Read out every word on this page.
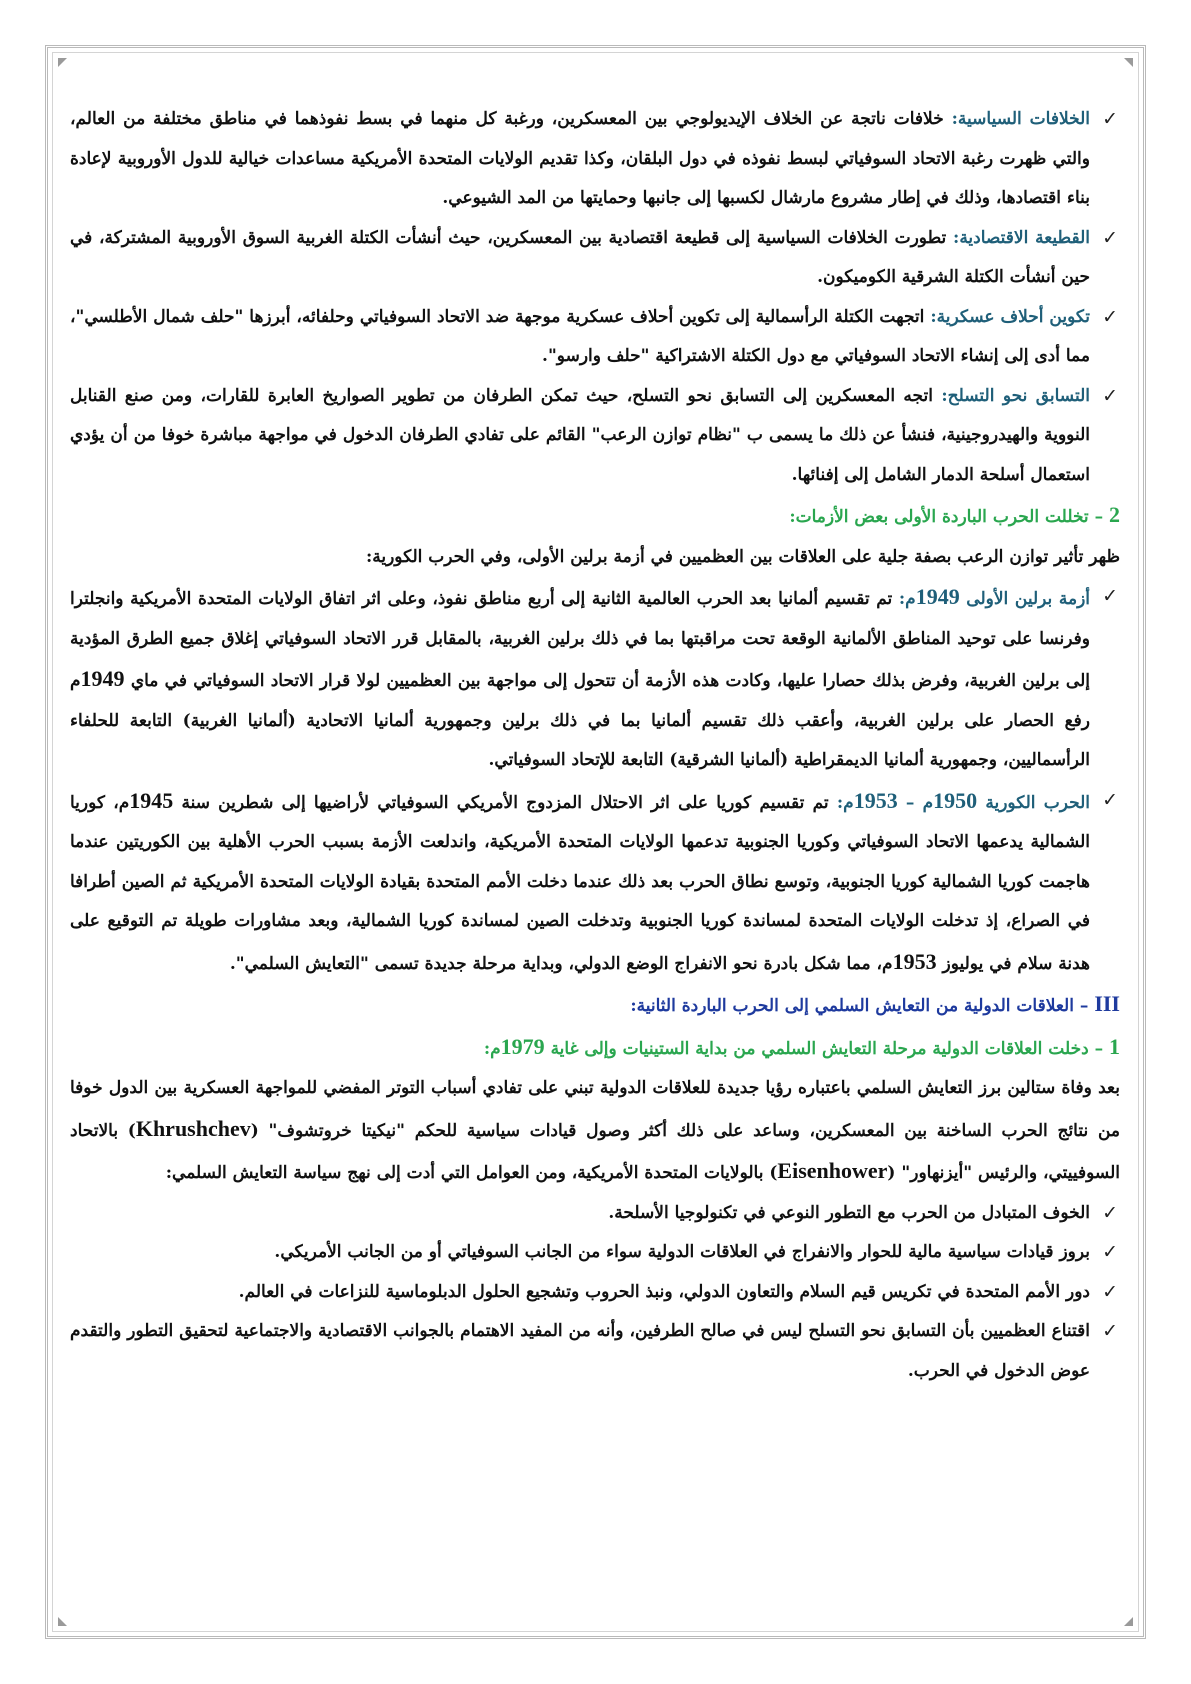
✓
الخلافات السياسية: خلافات ناتجة عن الخلاف الإيديولوجي بين المعسكرين، ورغبة كل منهما في بسط نفوذهما في مناطق مختلفة من العالم، والتي ظهرت رغبة الاتحاد السوفياتي لبسط نفوذه في دول البلقان، وكذا تقديم الولايات المتحدة الأمريكية مساعدات خيالية للدول الأوروبية لإعادة بناء اقتصادها، وذلك في إطار مشروع مارشال لكسبها إلى جانبها وحمايتها من المد الشيوعي.

✓
القطيعة الاقتصادية: تطورت الخلافات السياسية إلى قطيعة اقتصادية بين المعسكرين، حيث أنشأت الكتلة الغربية السوق الأوروبية المشتركة، في حين أنشأت الكتلة الشرقية الكوميكون.

✓
تكوين أحلاف عسكرية: اتجهت الكتلة الرأسمالية إلى تكوين أحلاف عسكرية موجهة ضد الاتحاد السوفياتي وحلفائه، أبرزها "حلف شمال الأطلسي"، مما أدى إلى إنشاء الاتحاد السوفياتي مع دول الكتلة الاشتراكية "حلف وارسو".

✓
التسابق نحو التسلح: اتجه المعسكرين إلى التسابق نحو التسلح، حيث تمكن الطرفان من تطوير الصواريخ العابرة للقارات، ومن صنع القنابل النووية والهيدروجينية، فنشأ عن ذلك ما يسمى ب "نظام توازن الرعب" القائم على تفادي الطرفان الدخول في مواجهة مباشرة خوفا من أن يؤدي استعمال أسلحة الدمار الشامل إلى إفنائها.

2 – تخللت الحرب الباردة الأولى بعض الأزمات:

ظهر تأثير توازن الرعب بصفة جلية على العلاقات بين العظميين في أزمة برلين الأولى، وفي الحرب الكورية:

✓
أزمة برلين الأولى 1949م: تم تقسيم ألمانيا بعد الحرب العالمية الثانية إلى أربع مناطق نفوذ، وعلى اثر اتفاق الولايات المتحدة الأمريكية وانجلترا وفرنسا على توحيد المناطق الألمانية الوقعة تحت مراقبتها بما في ذلك برلين الغربية، بالمقابل قرر الاتحاد السوفياتي إغلاق جميع الطرق المؤدية إلى برلين الغربية، وفرض بذلك حصارا عليها، وكادت هذه الأزمة أن تتحول إلى مواجهة بين العظميين لولا قرار الاتحاد السوفياتي في ماي 1949م رفع الحصار على برلين الغربية، وأعقب ذلك تقسيم ألمانيا بما في ذلك برلين وجمهورية ألمانيا الاتحادية (ألمانيا الغربية) التابعة للحلفاء الرأسماليين، وجمهورية ألمانيا الديمقراطية (ألمانيا الشرقية) التابعة للإتحاد السوفياتي.

✓
الحرب الكورية 1950م – 1953م: تم تقسيم كوريا على اثر الاحتلال المزدوج الأمريكي السوفياتي لأراضيها إلى شطرين سنة 1945م، كوريا الشمالية يدعمها الاتحاد السوفياتي وكوريا الجنوبية تدعمها الولايات المتحدة الأمريكية، واندلعت الأزمة بسبب الحرب الأهلية بين الكوريتين عندما هاجمت كوريا الشمالية كوريا الجنوبية، وتوسع نطاق الحرب بعد ذلك عندما دخلت الأمم المتحدة بقيادة الولايات المتحدة الأمريكية ثم الصين أطرافا في الصراع، إذ تدخلت الولايات المتحدة لمساندة كوريا الجنوبية وتدخلت الصين لمساندة كوريا الشمالية، وبعد مشاورات طويلة تم التوقيع على هدنة سلام في يوليوز 1953م، مما شكل بادرة نحو الانفراج الوضع الدولي، وبداية مرحلة جديدة تسمى "التعايش السلمي".

III – العلاقات الدولية من التعايش السلمي إلى الحرب الباردة الثانية:

1 – دخلت العلاقات الدولية مرحلة التعايش السلمي من بداية الستينيات وإلى غاية 1979م:

بعد وفاة ستالين برز التعايش السلمي باعتباره رؤيا جديدة للعلاقات الدولية تبني على تفادي أسباب التوتر المفضي للمواجهة العسكرية بين الدول خوفا من نتائج الحرب الساخنة بين المعسكرين، وساعد على ذلك أكثر وصول قيادات سياسية للحكم "نيكيتا خروتشوف" (Khrushchev) بالاتحاد السوفييتي، والرئيس "أيزنهاور" (Eisenhower) بالولايات المتحدة الأمريكية، ومن العوامل التي أدت إلى نهج سياسة التعايش السلمي:

✓
الخوف المتبادل من الحرب مع التطور النوعي في تكنولوجيا الأسلحة.

✓
بروز قيادات سياسية مالية للحوار والانفراج في العلاقات الدولية سواء من الجانب السوفياتي أو من الجانب الأمريكي.

✓
دور الأمم المتحدة في تكريس قيم السلام والتعاون الدولي، ونبذ الحروب وتشجيع الحلول الدبلوماسية للنزاعات في العالم.

✓
اقتناع العظميين بأن التسابق نحو التسلح ليس في صالح الطرفين، وأنه من المفيد الاهتمام بالجوانب الاقتصادية والاجتماعية لتحقيق التطور والتقدم عوض الدخول في الحرب.
